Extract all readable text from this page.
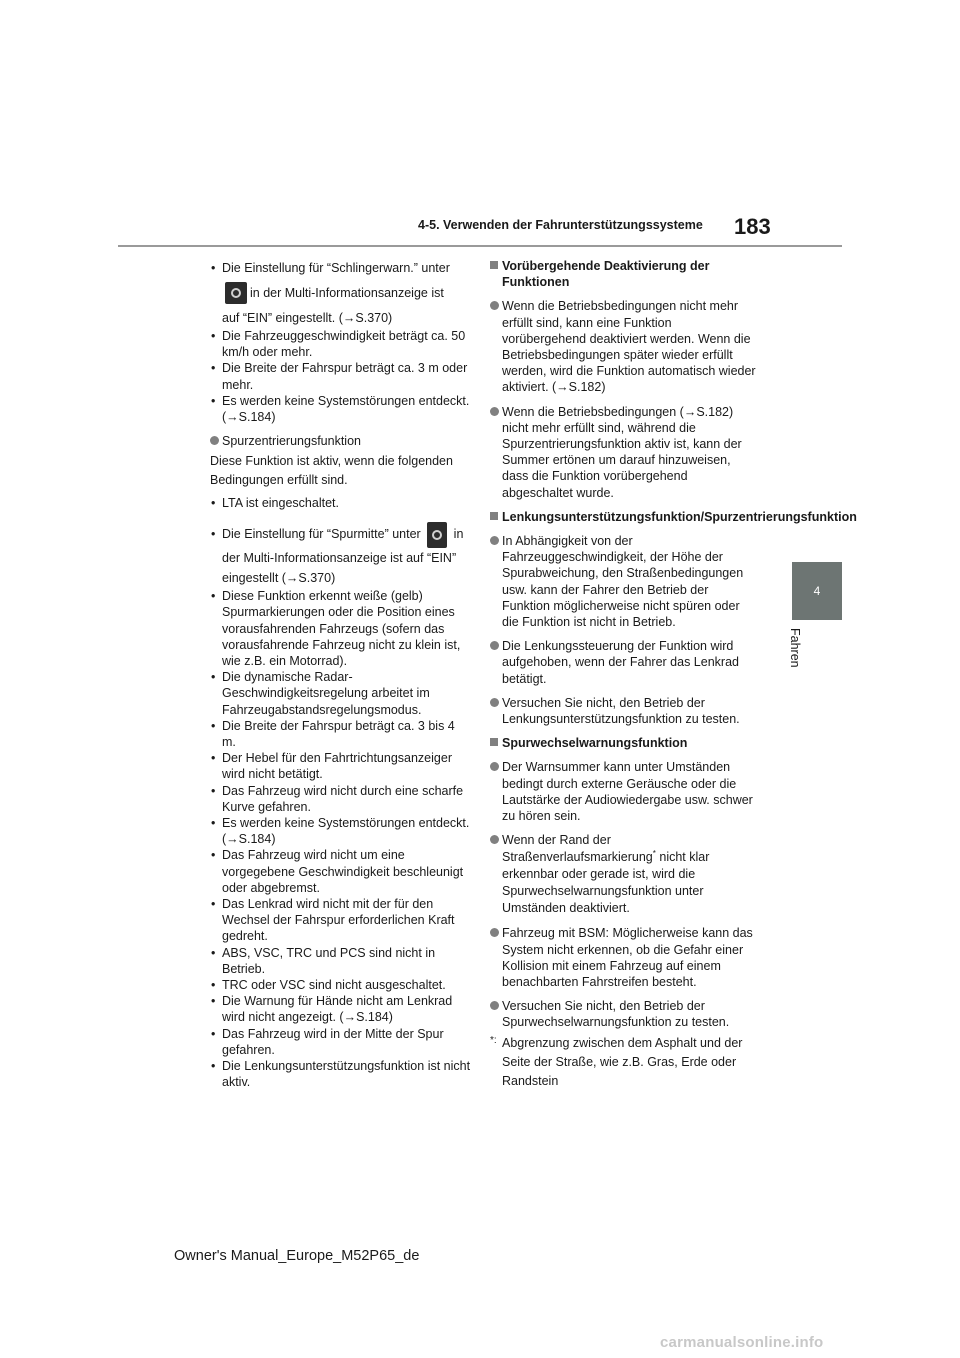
4-5. Verwenden der Fahrunterstützungssysteme 183
4
Fahren
• Die Einstellung für “Schlingerwarn.” unter
in der Multi-Informationsanzeige ist
auf “EIN” eingestellt. (→S.370)
• Die Fahrzeuggeschwindigkeit beträgt ca. 50 km/h oder mehr.
• Die Breite der Fahrspur beträgt ca. 3 m oder mehr.
• Es werden keine Systemstörungen entdeckt. (→S.184)
Spurzentrierungsfunktion
Diese Funktion ist aktiv, wenn die folgenden Bedingungen erfüllt sind.
• LTA ist eingeschaltet.
• Die Einstellung für “Spurmitte” unter	in
der Multi-Informationsanzeige ist auf “EIN”
eingestellt (→S.370)
• Diese Funktion erkennt weiße (gelb) Spurmarkierungen oder die Position eines vorausfahrenden Fahrzeugs (sofern das vorausfahrende Fahrzeug nicht zu klein ist, wie z.B. ein Motorrad).
• Die dynamische Radar-Geschwindigkeitsregelung arbeitet im Fahrzeugabstandsregelungsmodus.
• Die Breite der Fahrspur beträgt ca. 3 bis 4 m.
• Der Hebel für den Fahrtrichtungsanzeiger wird nicht betätigt.
• Das Fahrzeug wird nicht durch eine scharfe Kurve gefahren.
• Es werden keine Systemstörungen entdeckt. (→S.184)
• Das Fahrzeug wird nicht um eine vorgegebene Geschwindigkeit beschleunigt oder abgebremst.
• Das Lenkrad wird nicht mit der für den Wechsel der Fahrspur erforderlichen Kraft gedreht.
• ABS, VSC, TRC und PCS sind nicht in Betrieb.
• TRC oder VSC sind nicht ausgeschaltet.
• Die Warnung für Hände nicht am Lenkrad wird nicht angezeigt. (→S.184)
• Das Fahrzeug wird in der Mitte der Spur gefahren.
• Die Lenkungsunterstützungsfunktion ist nicht aktiv.
Vorübergehende Deaktivierung der Funktionen
Wenn die Betriebsbedingungen nicht mehr erfüllt sind, kann eine Funktion vorübergehend deaktiviert werden. Wenn die Betriebsbedingungen später wieder erfüllt werden, wird die Funktion automatisch wieder aktiviert. (→S.182)
Wenn die Betriebsbedingungen (→S.182) nicht mehr erfüllt sind, während die Spurzentrierungsfunktion aktiv ist, kann der Summer ertönen um darauf hinzuweisen, dass die Funktion vorübergehend abgeschaltet wurde.
Lenkungsunterstützungsfunktion/Spurzentrierungsfunktion
In Abhängigkeit von der Fahrzeuggeschwindigkeit, der Höhe der Spurabweichung, den Straßenbedingungen usw. kann der Fahrer den Betrieb der Funktion möglicherweise nicht spüren oder die Funktion ist nicht in Betrieb.
Die Lenkungssteuerung der Funktion wird aufgehoben, wenn der Fahrer das Lenkrad betätigt.
Versuchen Sie nicht, den Betrieb der Lenkungsunterstützungsfunktion zu testen.
Spurwechselwarnungsfunktion
Der Warnsummer kann unter Umständen bedingt durch externe Geräusche oder die Lautstärke der Audiowiedergabe usw. schwer zu hören sein.
Wenn der Rand der Straßenverlaufsmarkierung* nicht klar erkennbar oder gerade ist, wird die Spurwechselwarnungsfunktion unter Umständen deaktiviert.
Fahrzeug mit BSM: Möglicherweise kann das System nicht erkennen, ob die Gefahr einer Kollision mit einem Fahrzeug auf einem benachbarten Fahrstreifen besteht.
Versuchen Sie nicht, den Betrieb der Spurwechselwarnungsfunktion zu testen.
*: Abgrenzung zwischen dem Asphalt und der Seite der Straße, wie z.B. Gras, Erde oder Randstein
Owner's Manual_Europe_M52P65_de
carmanualsonline.info
